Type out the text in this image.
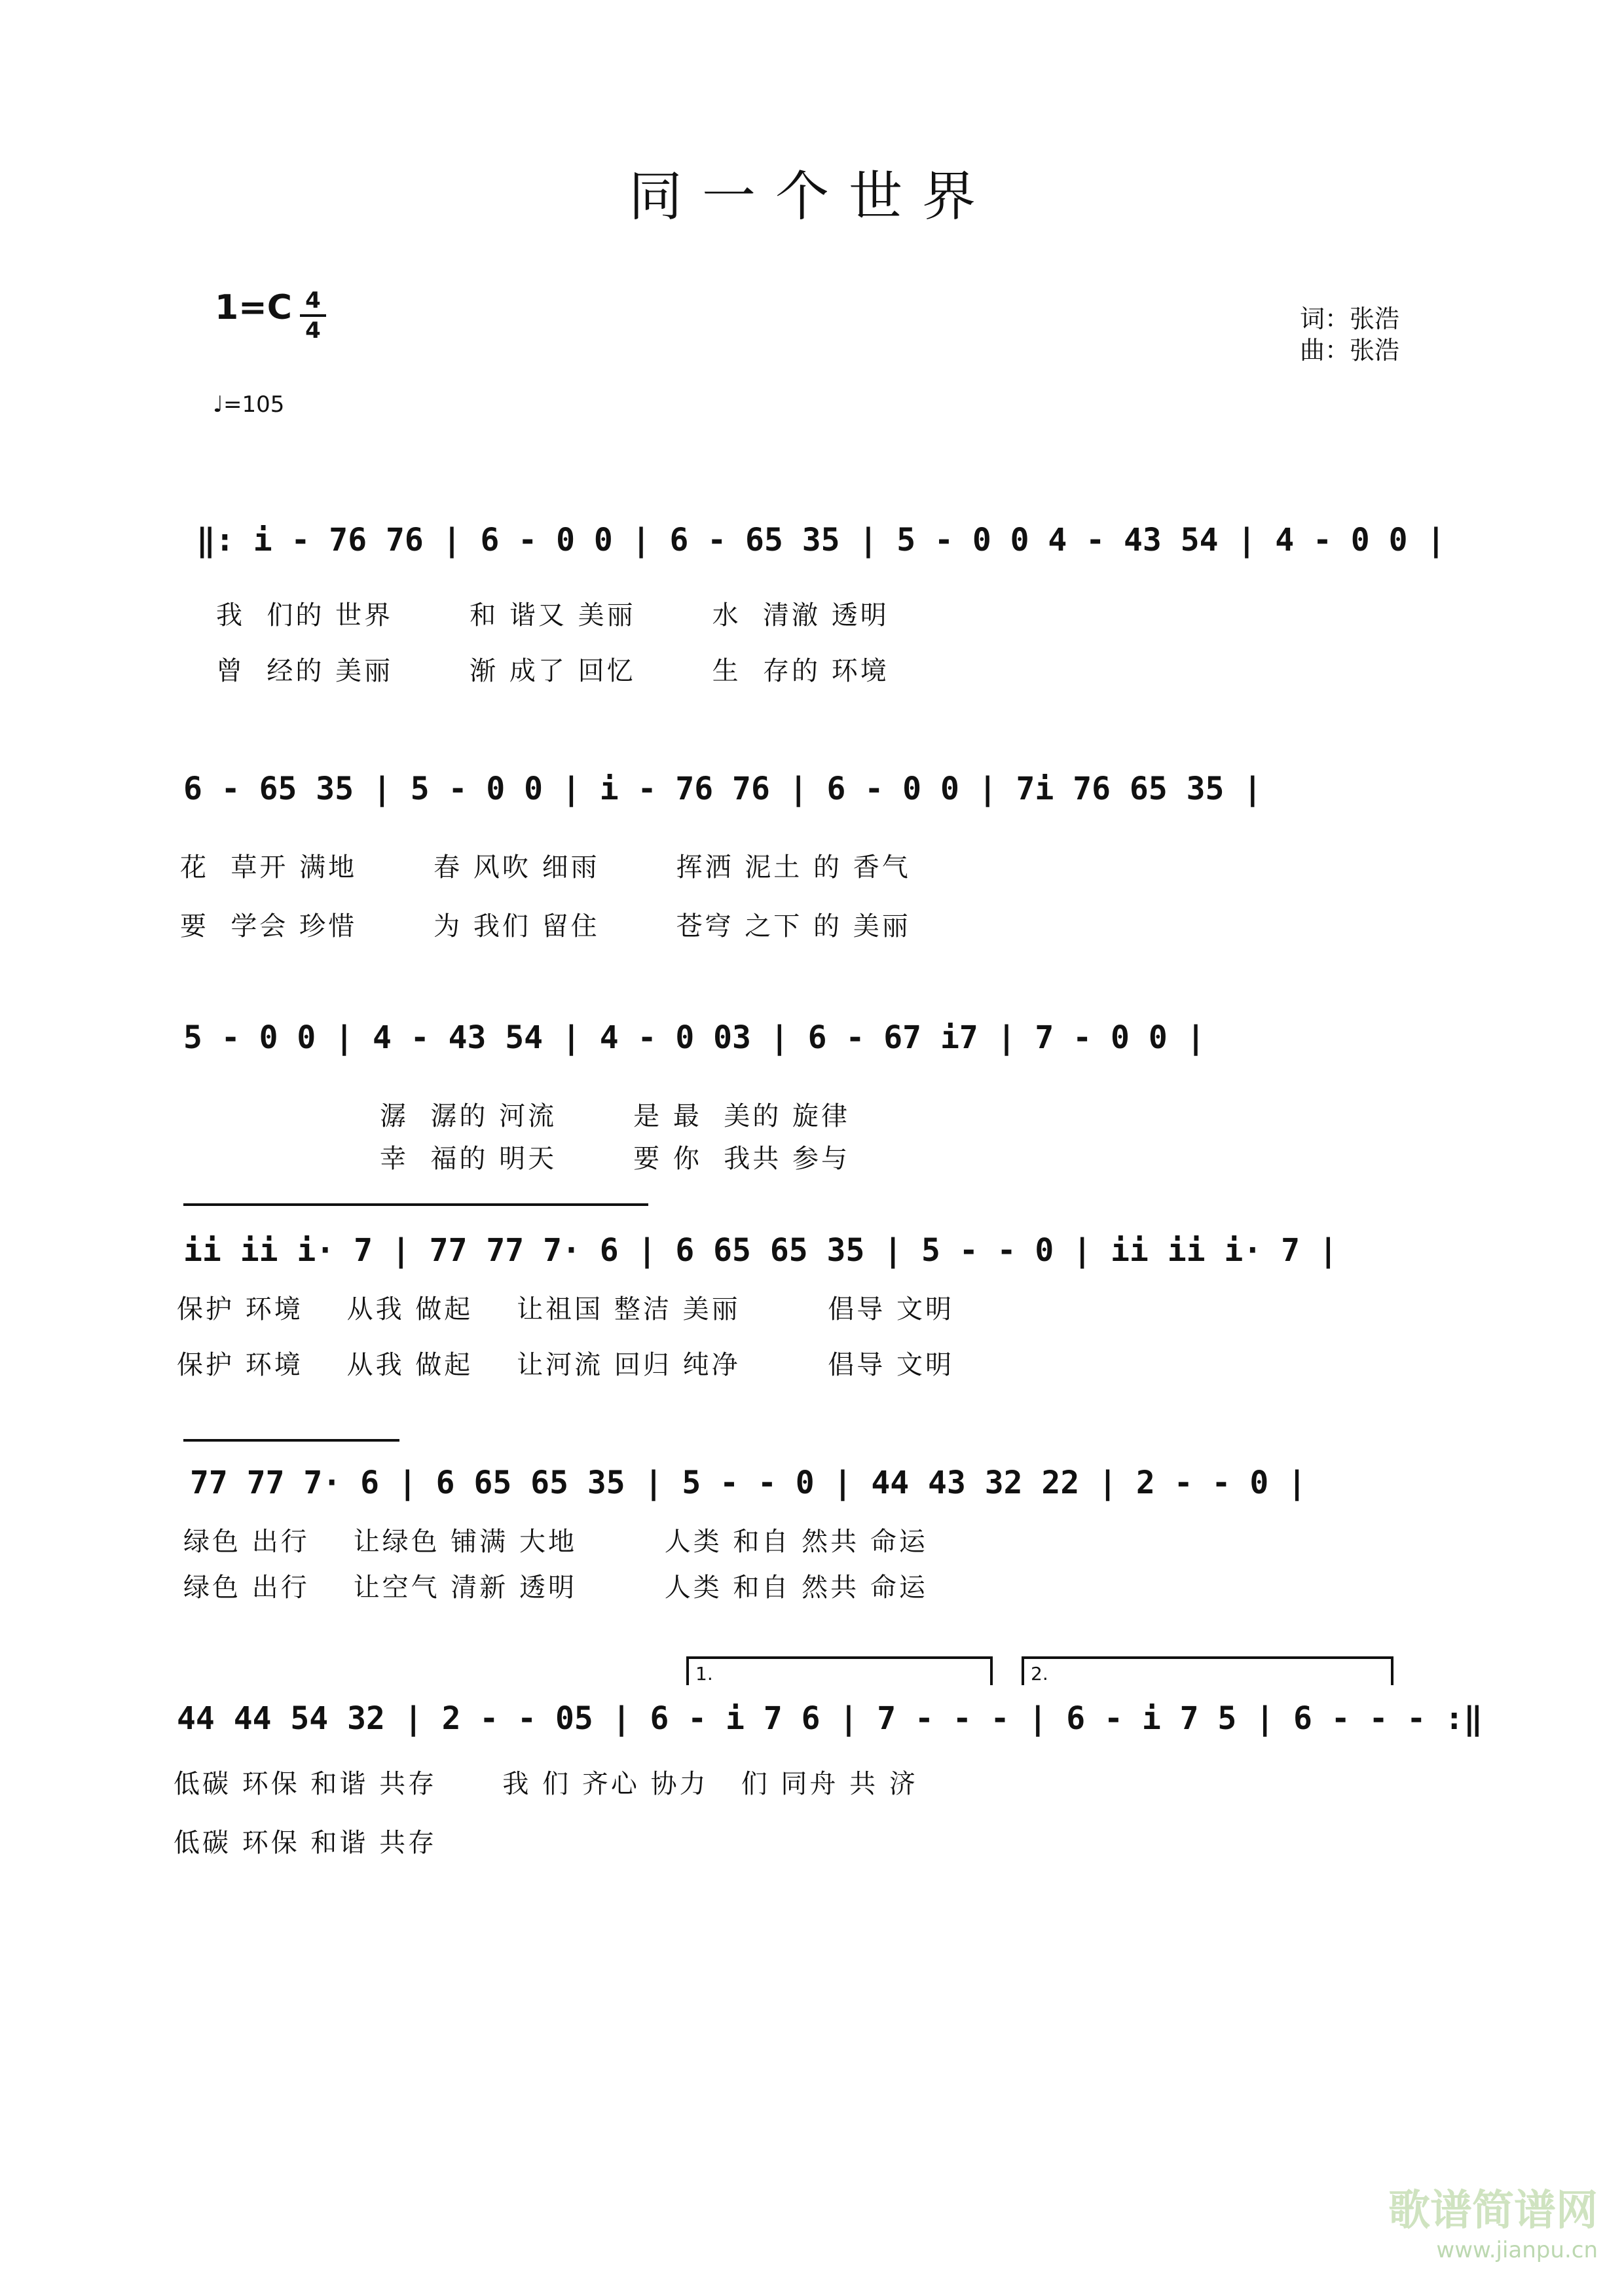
同一个世界
1=C 4
4
♩=105
词：张浩
曲：张浩
‖: i - 76 76 | 6 - 0 0 | 6 - 65 35 | 5 - 0 0 4 - 43 54 | 4 - 0 0 |
我  们的 世界       和 谐又 美丽       水  清澈 透明
曾  经的 美丽       渐 成了 回忆       生  存的 环境
6 - 65 35 | 5 - 0 0 | i - 76 76 | 6 - 0 0 | 7i 76 65 35 |
花  草开 满地       春 风吹 细雨       挥洒 泥土 的 香气
要  学会 珍惜       为 我们 留住       苍穹 之下 的 美丽
5 - 0 0 | 4 - 43 54 | 4 - 0 03 | 6 - 67 i7 | 7 - 0 0 |
潺  潺的 河流       是 最  美的 旋律
幸  福的 明天       要 你  我共 参与
ii ii i· 7 | 77 77 7· 6 | 6 65 65 35 | 5 - - 0 | ii ii i· 7 |
保护 环境    从我 做起    让祖国 整洁 美丽        倡导 文明
保护 环境    从我 做起    让河流 回归 纯净        倡导 文明
77 77 7· 6 | 6 65 65 35 | 5 - - 0 | 44 43 32 22 | 2 - - 0 |
绿色 出行    让绿色 铺满 大地        人类 和自 然共 命运
绿色 出行    让空气 清新 透明        人类 和自 然共 命运
1.	2.
44 44 54 32 | 2 - - 05 | 6 - i 7 6 | 7 - - - | 6 - i 7 5 | 6 - - - :‖
低碳 环保 和谐 共存      我 们 齐心 协力   们 同舟 共 济
低碳 环保 和谐 共存
歌谱简谱网
www.jianpu.cn
